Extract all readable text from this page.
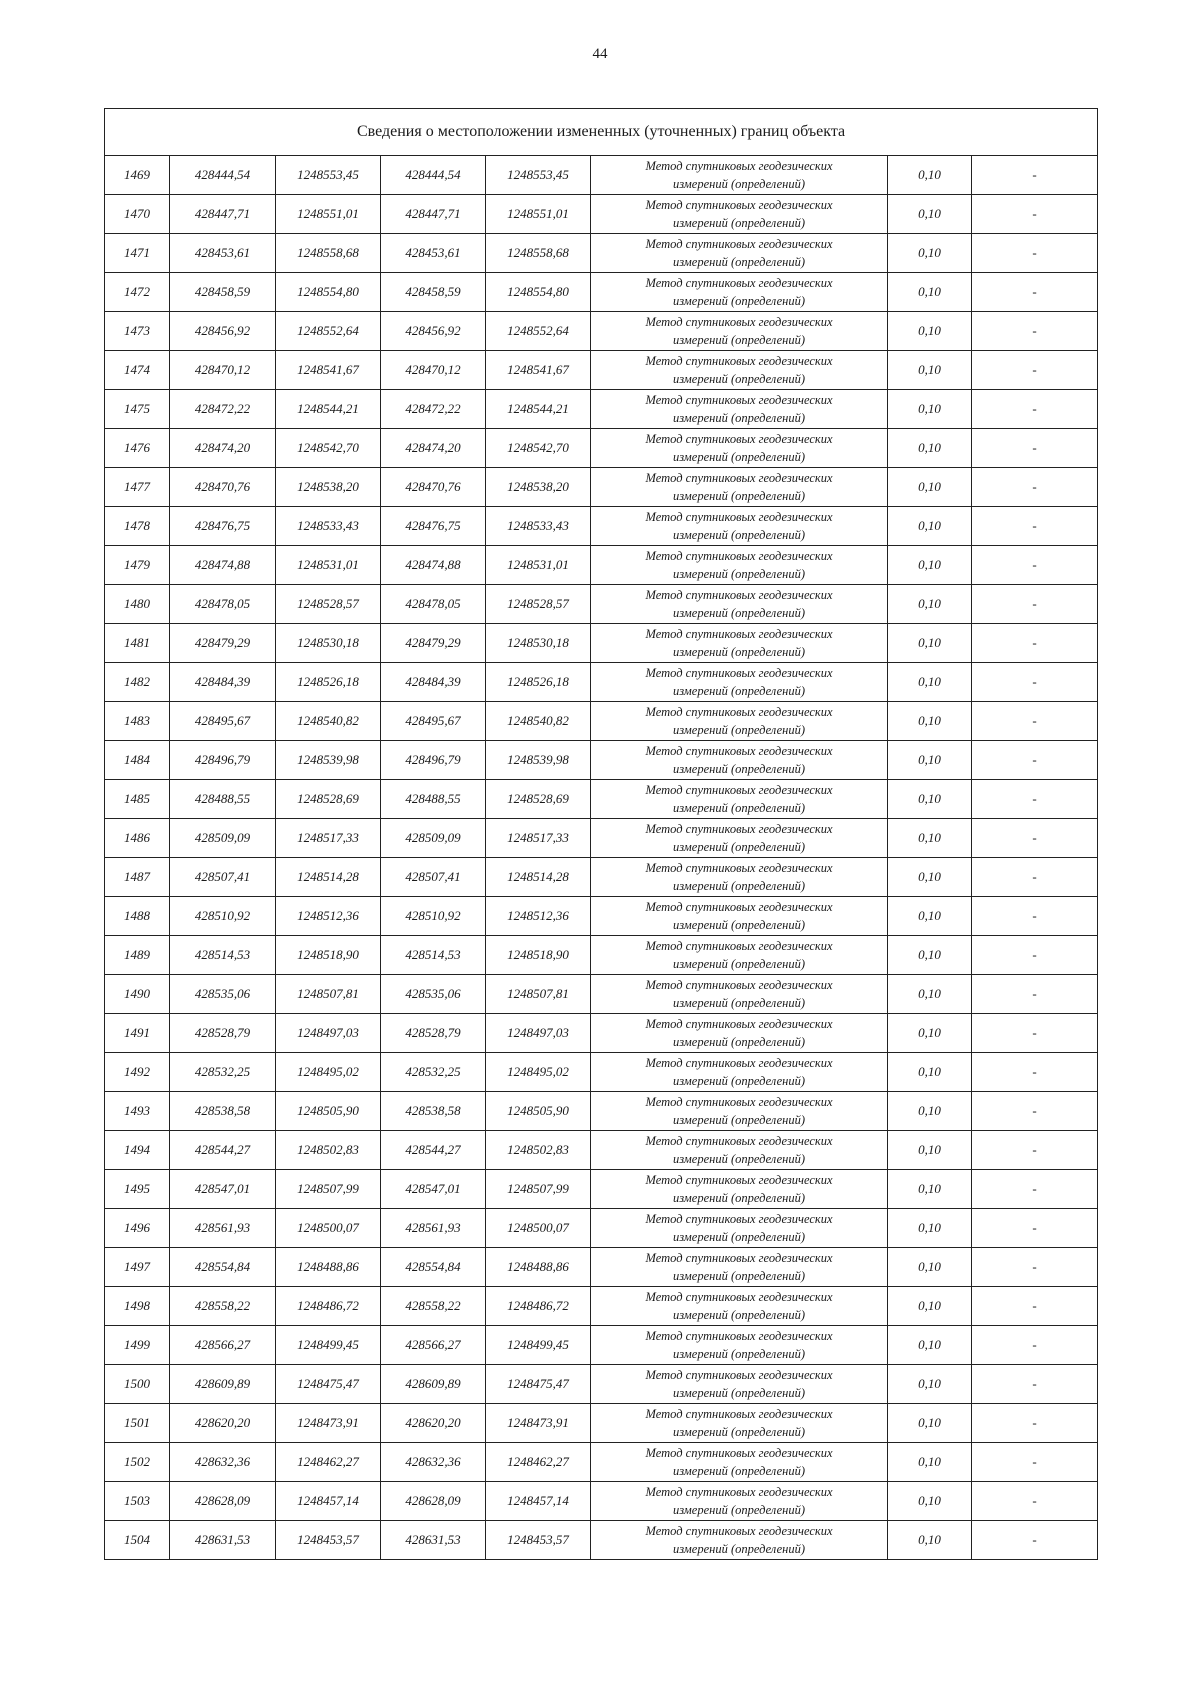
44
Сведения о местоположении измененных (уточненных) границ объекта							
1469	428444,54	1248553,45	428444,54	1248553,45	Метод спутниковых геодезических
измерений (определений)	0,10	-
1470	428447,71	1248551,01	428447,71	1248551,01	Метод спутниковых геодезических
измерений (определений)	0,10	-
1471	428453,61	1248558,68	428453,61	1248558,68	Метод спутниковых геодезических
измерений (определений)	0,10	-
1472	428458,59	1248554,80	428458,59	1248554,80	Метод спутниковых геодезических
измерений (определений)	0,10	-
1473	428456,92	1248552,64	428456,92	1248552,64	Метод спутниковых геодезических
измерений (определений)	0,10	-
1474	428470,12	1248541,67	428470,12	1248541,67	Метод спутниковых геодезических
измерений (определений)	0,10	-
1475	428472,22	1248544,21	428472,22	1248544,21	Метод спутниковых геодезических
измерений (определений)	0,10	-
1476	428474,20	1248542,70	428474,20	1248542,70	Метод спутниковых геодезических
измерений (определений)	0,10	-
1477	428470,76	1248538,20	428470,76	1248538,20	Метод спутниковых геодезических
измерений (определений)	0,10	-
1478	428476,75	1248533,43	428476,75	1248533,43	Метод спутниковых геодезических
измерений (определений)	0,10	-
1479	428474,88	1248531,01	428474,88	1248531,01	Метод спутниковых геодезических
измерений (определений)	0,10	-
1480	428478,05	1248528,57	428478,05	1248528,57	Метод спутниковых геодезических
измерений (определений)	0,10	-
1481	428479,29	1248530,18	428479,29	1248530,18	Метод спутниковых геодезических
измерений (определений)	0,10	-
1482	428484,39	1248526,18	428484,39	1248526,18	Метод спутниковых геодезических
измерений (определений)	0,10	-
1483	428495,67	1248540,82	428495,67	1248540,82	Метод спутниковых геодезических
измерений (определений)	0,10	-
1484	428496,79	1248539,98	428496,79	1248539,98	Метод спутниковых геодезических
измерений (определений)	0,10	-
1485	428488,55	1248528,69	428488,55	1248528,69	Метод спутниковых геодезических
измерений (определений)	0,10	-
1486	428509,09	1248517,33	428509,09	1248517,33	Метод спутниковых геодезических
измерений (определений)	0,10	-
1487	428507,41	1248514,28	428507,41	1248514,28	Метод спутниковых геодезических
измерений (определений)	0,10	-
1488	428510,92	1248512,36	428510,92	1248512,36	Метод спутниковых геодезических
измерений (определений)	0,10	-
1489	428514,53	1248518,90	428514,53	1248518,90	Метод спутниковых геодезических
измерений (определений)	0,10	-
1490	428535,06	1248507,81	428535,06	1248507,81	Метод спутниковых геодезических
измерений (определений)	0,10	-
1491	428528,79	1248497,03	428528,79	1248497,03	Метод спутниковых геодезических
измерений (определений)	0,10	-
1492	428532,25	1248495,02	428532,25	1248495,02	Метод спутниковых геодезических
измерений (определений)	0,10	-
1493	428538,58	1248505,90	428538,58	1248505,90	Метод спутниковых геодезических
измерений (определений)	0,10	-
1494	428544,27	1248502,83	428544,27	1248502,83	Метод спутниковых геодезических
измерений (определений)	0,10	-
1495	428547,01	1248507,99	428547,01	1248507,99	Метод спутниковых геодезических
измерений (определений)	0,10	-
1496	428561,93	1248500,07	428561,93	1248500,07	Метод спутниковых геодезических
измерений (определений)	0,10	-
1497	428554,84	1248488,86	428554,84	1248488,86	Метод спутниковых геодезических
измерений (определений)	0,10	-
1498	428558,22	1248486,72	428558,22	1248486,72	Метод спутниковых геодезических
измерений (определений)	0,10	-
1499	428566,27	1248499,45	428566,27	1248499,45	Метод спутниковых геодезических
измерений (определений)	0,10	-
1500	428609,89	1248475,47	428609,89	1248475,47	Метод спутниковых геодезических
измерений (определений)	0,10	-
1501	428620,20	1248473,91	428620,20	1248473,91	Метод спутниковых геодезических
измерений (определений)	0,10	-
1502	428632,36	1248462,27	428632,36	1248462,27	Метод спутниковых геодезических
измерений (определений)	0,10	-
1503	428628,09	1248457,14	428628,09	1248457,14	Метод спутниковых геодезических
измерений (определений)	0,10	-
1504	428631,53	1248453,57	428631,53	1248453,57	Метод спутниковых геодезических
измерений (определений)	0,10	-
